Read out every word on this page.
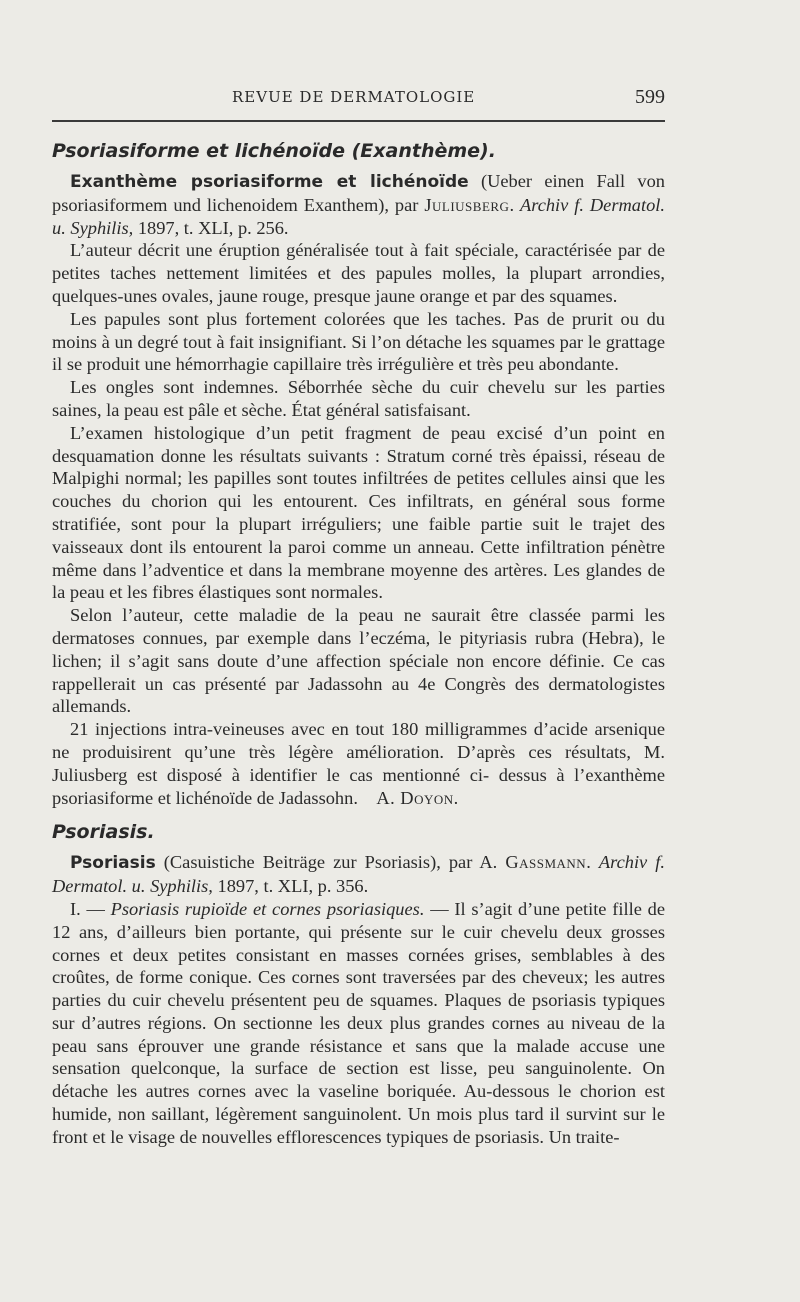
REVUE DE DERMATOLOGIE	599
Psoriasiforme et lichénoïde (Exanthème).

Exanthème psoriasiforme et lichénoïde (Ueber einen Fall von psoriasiformem und lichenoidem Exanthem), par Juliusberg. Archiv f. Dermatol. u. Syphilis, 1897, t. XLI, p. 256.

L’auteur décrit une éruption généralisée tout à fait spéciale, caractérisée par de petites taches nettement limitées et des papules molles, la plupart arrondies, quelques-unes ovales, jaune rouge, presque jaune orange et par des squames.

Les papules sont plus fortement colorées que les taches. Pas de prurit ou du moins à un degré tout à fait insignifiant. Si l’on détache les squames par le grattage il se produit une hémorrhagie capillaire très irrégulière et très peu abondante.

Les ongles sont indemnes. Séborrhée sèche du cuir chevelu sur les parties saines, la peau est pâle et sèche. État général satisfaisant.

L’examen histologique d’un petit fragment de peau excisé d’un point en desquamation donne les résultats suivants : Stratum corné très épaissi, réseau de Malpighi normal; les papilles sont toutes infiltrées de petites cellules ainsi que les couches du chorion qui les entourent. Ces infiltrats, en général sous forme stratifiée, sont pour la plupart irréguliers; une faible partie suit le trajet des vaisseaux dont ils entourent la paroi comme un anneau. Cette infiltration pénètre même dans l’adventice et dans la membrane moyenne des artères. Les glandes de la peau et les fibres élastiques sont normales.

Selon l’auteur, cette maladie de la peau ne saurait être classée parmi les dermatoses connues, par exemple dans l’eczéma, le pityriasis rubra (Hebra), le lichen; il s’agit sans doute d’une affection spéciale non encore définie. Ce cas rappellerait un cas présenté par Jadassohn au 4e Congrès des dermatologistes allemands.

21 injections intra-veineuses avec en tout 180 milligrammes d’acide arsenique ne produisirent qu’une très légère amélioration. D’après ces résultats, M. Juliusberg est disposé à identifier le cas mentionné ci- dessus à l’exanthème psoriasiforme et lichénoïde de Jadassohn. A. Doyon.

Psoriasis.

Psoriasis (Casuistiche Beiträge zur Psoriasis), par A. Gassmann. Archiv f. Dermatol. u. Syphilis, 1897, t. XLI, p. 356.

I. — Psoriasis rupioïde et cornes psoriasiques. — Il s’agit d’une petite fille de 12 ans, d’ailleurs bien portante, qui présente sur le cuir chevelu deux grosses cornes et deux petites consistant en masses cornées grises, semblables à des croûtes, de forme conique. Ces cornes sont traversées par des cheveux; les autres parties du cuir chevelu présentent peu de squames. Plaques de psoriasis typiques sur d’autres régions. On sectionne les deux plus grandes cornes au niveau de la peau sans éprouver une grande résistance et sans que la malade accuse une sensation quelconque, la surface de section est lisse, peu sanguinolente. On détache les autres cornes avec la vaseline boriquée. Au-dessous le chorion est humide, non saillant, légèrement sanguinolent. Un mois plus tard il survint sur le front et le visage de nouvelles efflorescences typiques de psoriasis. Un traite-
